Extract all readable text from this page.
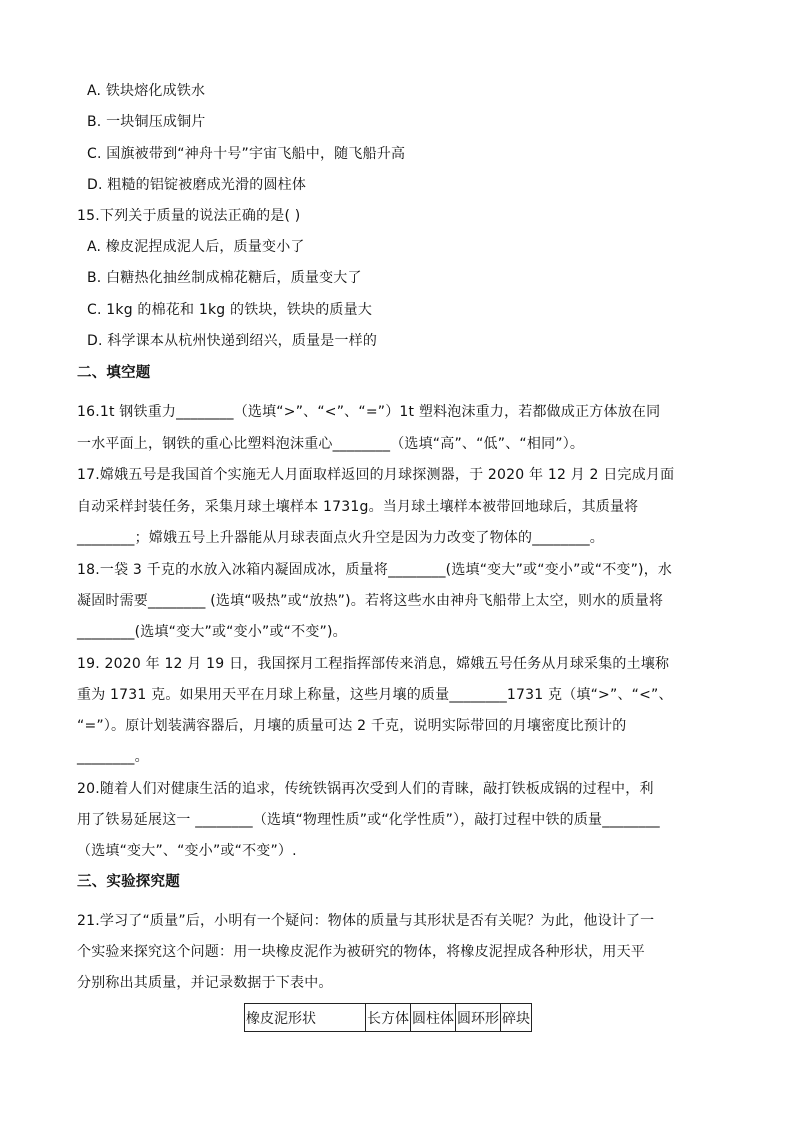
A. 铁块熔化成铁水
B. 一块铜压成铜片
C. 国旗被带到“神舟十号”宇宙飞船中，随飞船升高
D. 粗糙的铝锭被磨成光滑的圆柱体
15.下列关于质量的说法正确的是( )
A. 橡皮泥捏成泥人后，质量变小了
B. 白糖热化抽丝制成棉花糖后，质量变大了
C. 1kg 的棉花和 1kg 的铁块，铁块的质量大
D. 科学课本从杭州快递到绍兴，质量是一样的
二、填空题
16.1t 钢铁重力________（选填“>”、“<”、“=”）1t 塑料泡沫重力，若都做成正方体放在同
一水平面上，钢铁的重心比塑料泡沫重心________（选填“高”、“低”、“相同”）。
17.嫦娥五号是我国首个实施无人月面取样返回的月球探测器，于 2020 年 12 月 2 日完成月面
自动采样封装任务，采集月球土壤样本 1731g。当月球土壤样本被带回地球后，其质量将
________；嫦娥五号上升器能从月球表面点火升空是因为力改变了物体的________。
18.一袋 3 千克的水放入冰箱内凝固成冰，质量将________(选填“变大”或“变小”或“不变”)，水
凝固时需要________ (选填“吸热”或“放热”)。若将这些水由神舟飞船带上太空，则水的质量将
________(选填“变大”或“变小”或“不变”)。
19. 2020 年 12 月 19 日，我国探月工程指挥部传来消息，嫦娥五号任务从月球采集的土壤称
重为 1731 克。如果用天平在月球上称量，这些月壤的质量________1731 克（填“>”、“<”、
“=”）。原计划装满容器后，月壤的质量可达 2 千克，说明实际带回的月壤密度比预计的
________。
20.随着人们对健康生活的追求，传统铁锅再次受到人们的青睐，敲打铁板成锅的过程中，利
用了铁易延展这一 ________（选填“物理性质”或“化学性质”），敲打过程中铁的质量________
（选填“变大”、“变小”或“不变”）.
三、实验探究题
21.学习了“质量”后，小明有一个疑问：物体的质量与其形状是否有关呢？为此，他设计了一
个实验来探究这个问题：用一块橡皮泥作为被研究的物体，将橡皮泥捏成各种形状，用天平
分别称出其质量，并记录数据于下表中。
橡皮泥形状	长方体	圆柱体	圆环形	碎块
